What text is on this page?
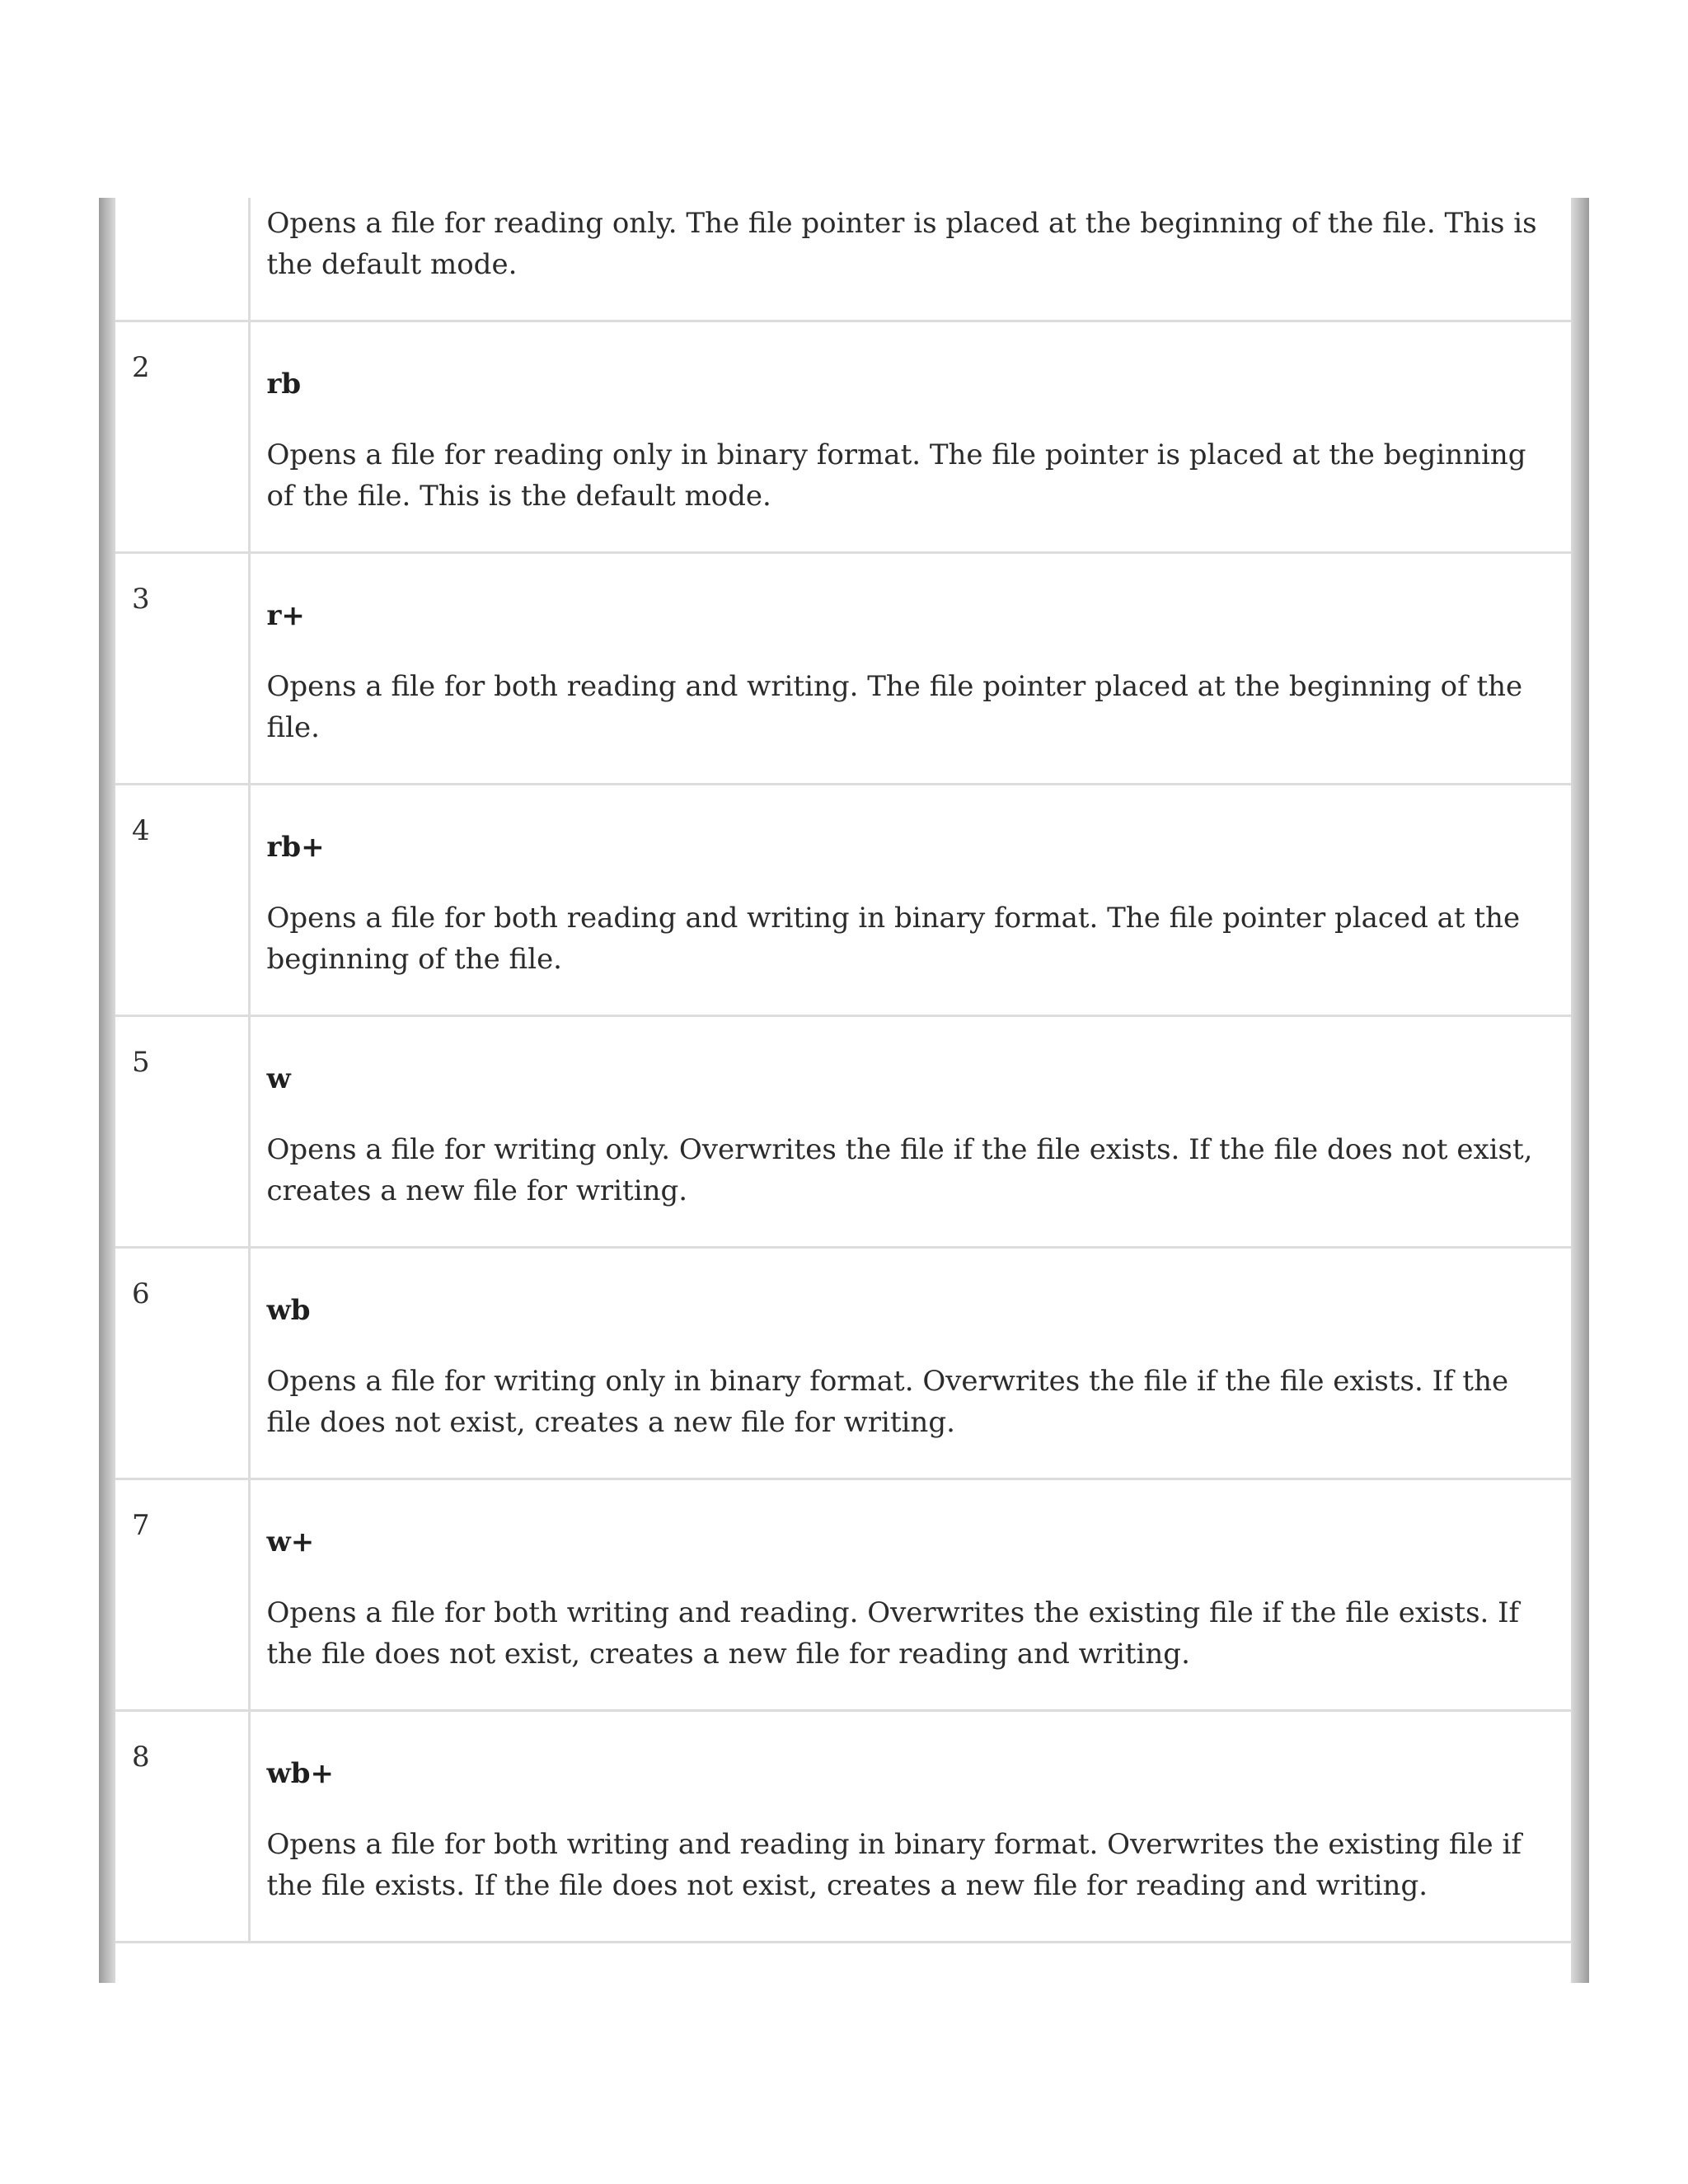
	Opens a file for reading only. The file pointer is placed at the beginning of the file. This is the default mode.

2	rb

Opens a file for reading only in binary format. The file pointer is placed at the beginning of the file. This is the default mode.

3	r+

Opens a file for both reading and writing. The file pointer placed at the beginning of the file.

4	rb+

Opens a file for both reading and writing in binary format. The file pointer placed at the beginning of the file.

5	w

Opens a file for writing only. Overwrites the file if the file exists. If the file does not exist, creates a new file for writing.

6	wb

Opens a file for writing only in binary format. Overwrites the file if the file exists. If the file does not exist, creates a new file for writing.

7	w+

Opens a file for both writing and reading. Overwrites the existing file if the file exists. If the file does not exist, creates a new file for reading and writing.

8	wb+

Opens a file for both writing and reading in binary format. Overwrites the existing file if the file exists. If the file does not exist, creates a new file for reading and writing.
